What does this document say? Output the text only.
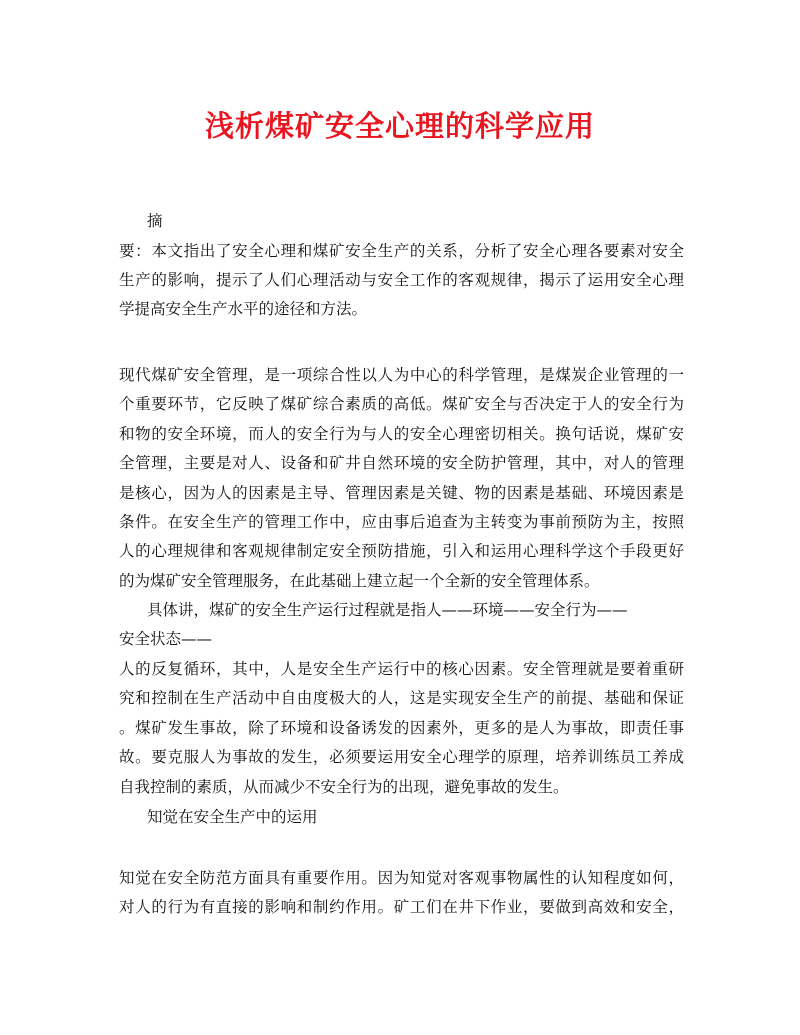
浅析煤矿安全心理的科学应用

摘

要：本文指出了安全心理和煤矿安全生产的关系，分析了安全心理各要素对安全

生产的影响，提示了人们心理活动与安全工作的客观规律，揭示了运用安全心理

学提高安全生产水平的途径和方法。

现代煤矿安全管理，是一项综合性以人为中心的科学管理，是煤炭企业管理的一

个重要环节，它反映了煤矿综合素质的高低。煤矿安全与否决定于人的安全行为

和物的安全环境，而人的安全行为与人的安全心理密切相关。换句话说，煤矿安

全管理，主要是对人、设备和矿井自然环境的安全防护管理，其中，对人的管理

是核心，因为人的因素是主导、管理因素是关键、物的因素是基础、环境因素是

条件。在安全生产的管理工作中，应由事后追查为主转变为事前预防为主，按照

人的心理规律和客观规律制定安全预防措施，引入和运用心理科学这个手段更好

的为煤矿安全管理服务，在此基础上建立起一个全新的安全管理体系。

具体讲，煤矿的安全生产运行过程就是指人——环境——安全行为——

安全状态——

人的反复循环，其中，人是安全生产运行中的核心因素。安全管理就是要着重研

究和控制在生产活动中自由度极大的人，这是实现安全生产的前提、基础和保证

。煤矿发生事故，除了环境和设备诱发的因素外，更多的是人为事故，即责任事

故。要克服人为事故的发生，必须要运用安全心理学的原理，培养训练员工养成

自我控制的素质，从而减少不安全行为的出现，避免事故的发生。

知觉在安全生产中的运用

知觉在安全防范方面具有重要作用。因为知觉对客观事物属性的认知程度如何，

对人的行为有直接的影响和制约作用。矿工们在井下作业，要做到高效和安全，
